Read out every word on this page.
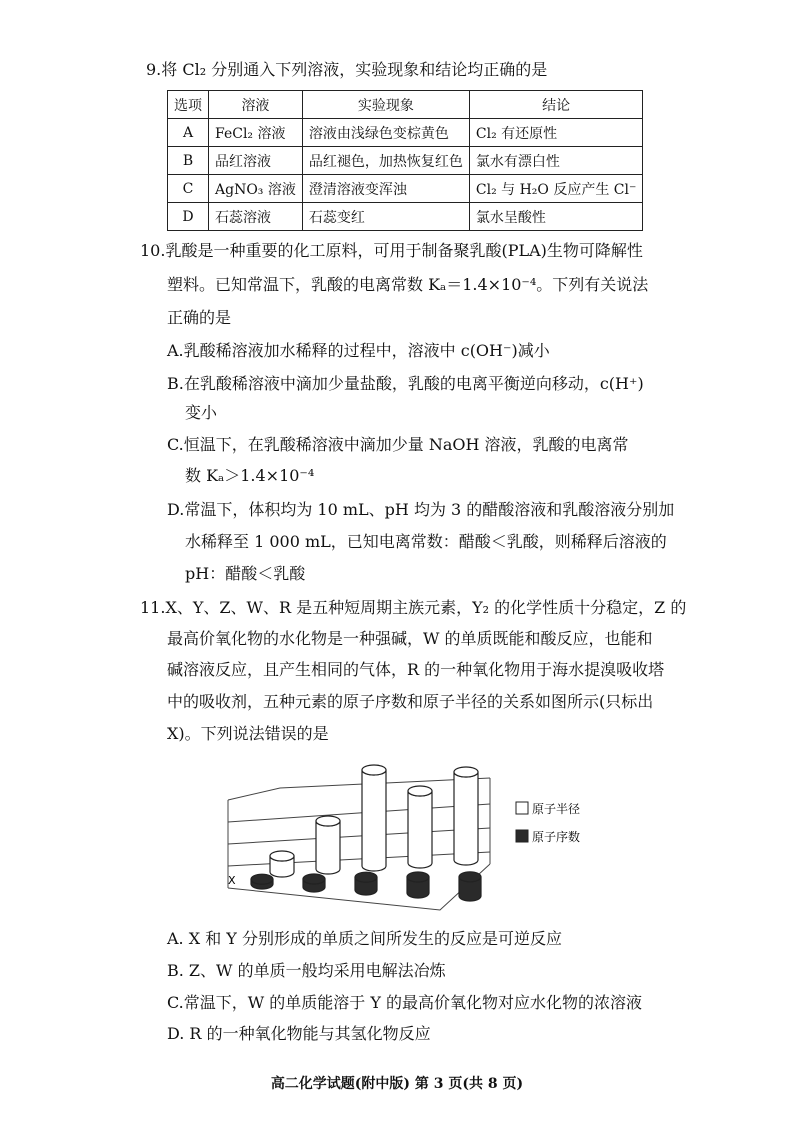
9.将 Cl₂ 分别通入下列溶液，实验现象和结论均正确的是
选项	溶液	实验现象	结论
A	FeCl₂ 溶液	溶液由浅绿色变棕黄色	Cl₂ 有还原性
B	品红溶液	品红褪色，加热恢复红色	氯水有漂白性
C	AgNO₃ 溶液	澄清溶液变浑浊	Cl₂ 与 H₂O 反应产生 Cl⁻
D	石蕊溶液	石蕊变红	氯水呈酸性
10.乳酸是一种重要的化工原料，可用于制备聚乳酸(PLA)生物可降解性
塑料。已知常温下，乳酸的电离常数 Kₐ＝1.4×10⁻⁴。下列有关说法
正确的是
A.乳酸稀溶液加水稀释的过程中，溶液中 c(OH⁻)减小
B.在乳酸稀溶液中滴加少量盐酸，乳酸的电离平衡逆向移动，c(H⁺)
变小
C.恒温下，在乳酸稀溶液中滴加少量 NaOH 溶液，乳酸的电离常
数 Kₐ＞1.4×10⁻⁴
D.常温下，体积均为 10 mL、pH 均为 3 的醋酸溶液和乳酸溶液分别加
水稀释至 1 000 mL，已知电离常数：醋酸＜乳酸，则稀释后溶液的
pH：醋酸＜乳酸
11.X、Y、Z、W、R 是五种短周期主族元素，Y₂ 的化学性质十分稳定，Z 的
最高价氧化物的水化物是一种强碱，W 的单质既能和酸反应，也能和
碱溶液反应，且产生相同的气体，R 的一种氧化物用于海水提溴吸收塔
中的吸收剂，五种元素的原子序数和原子半径的关系如图所示(只标出
X)。下列说法错误的是
原子半径
原子序数
X
A. X 和 Y 分别形成的单质之间所发生的反应是可逆反应
B. Z、W 的单质一般均采用电解法冶炼
C.常温下，W 的单质能溶于 Y 的最高价氧化物对应水化物的浓溶液
D. R 的一种氧化物能与其氢化物反应
高二化学试题(附中版) 第 3 页(共 8 页)
